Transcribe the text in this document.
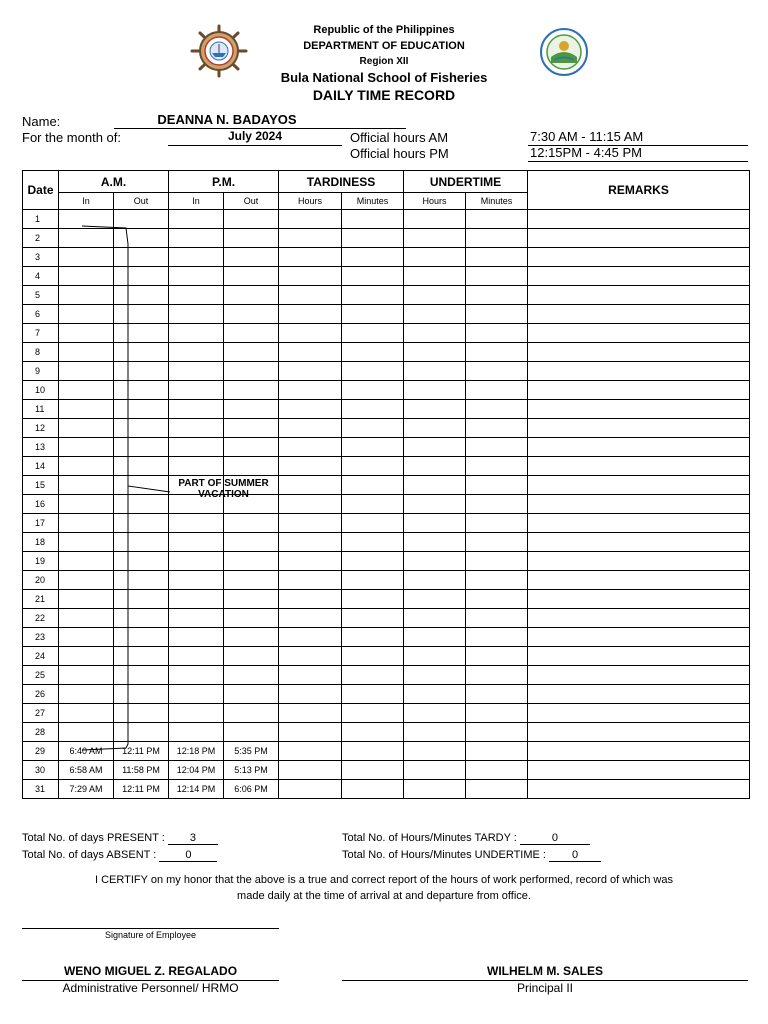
Republic of the Philippines
DEPARTMENT OF EDUCATION
Region XII
Bula National School of Fisheries
DAILY TIME RECORD
Name:	DEANNA N. BADAYOS
For the month of:	July 2024	Official hours AM	7:30 AM - 11:15 AM
Official hours PM	12:15PM - 4:45 PM
Date	A.M.		P.M.		TARDINESS		UNDERTIME		REMARKS
	In	Out	In	Out	Hours	Minutes	Hours	Minutes	
1									
2									
3									
4									
5									
6									
7									
8									
9									
10									
11									
12									
13									
14									
15									
16									
17									
18									
19									
20									
21									
22									
23									
24									
25									
26									
27									
28									
29	6:40 AM	12:11 PM	12:18 PM	5:35 PM					
30	6:58 AM	11:58 PM	12:04 PM	5:13 PM					
31	7:29 AM	12:11 PM	12:14 PM	6:06 PM					
PART OF SUMMER
VACATION
Total No. of days PRESENT : 3
Total No. of days ABSENT :	0
Total No. of Hours/Minutes TARDY :	0
Total No. of Hours/Minutes UNDERTIME : 0
I CERTIFY on my honor that the above is a true and correct report of the hours of work performed, record of which was
made daily at the time of arrival at and departure from office.
Signature of Employee
WENO MIGUEL Z. REGALADO
Administrative Personnel/ HRMO
WILHELM M. SALES
Principal II
